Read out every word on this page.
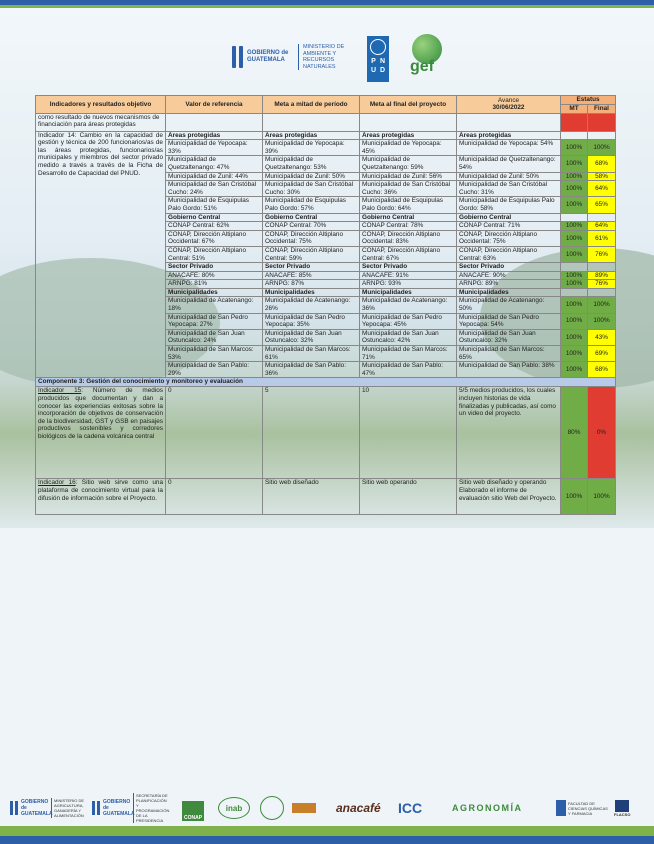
GOBIERNO de GUATEMALA
MINISTERIO DE AMBIENTE Y RECURSOS NATURALES
P N
U D gef
Indicadores y resultados objetivo	Valor de referencia	Meta a mitad de período	Meta al final del proyecto	Avance
30/06/2022	Estatus	
					MT	Final
como resultado de nuevos mecanismos de financiación para áreas protegidas						
Indicador 14: Cambio en la capacidad de gestión y técnica de 200 funcionarios/as de las áreas protegidas, funcionarios/as municipales y miembros del sector privado medido a través a través de la Ficha de Desarrollo de Capacidad del PNUD.	Áreas protegidas	Áreas protegidas	Áreas protegidas	Áreas protegidas		
	Municipalidad de Yepocapa: 33%	Municipalidad de Yepocapa: 39%	Municipalidad de Yepocapa: 45%	Municipalidad de Yepocapa: 54%	100%	100%
	Municipalidad de Quetzaltenango: 47%	Municipalidad de Quetzaltenango: 53%	Municipalidad de Quetzaltenango: 59%	Municipalidad de Quetzaltenango: 54%	100%	68%
	Municipalidad de Zunil: 44%	Municipalidad de Zunil: 50%	Municipalidad de Zunil: 56%	Municipalidad de Zunil: 50%	100%	58%
	Municipalidad de San Cristóbal Cucho: 24%	Municipalidad de San Cristóbal Cucho: 30%	Municipalidad de San Cristóbal Cucho: 36%	Municipalidad de San Cristóbal Cucho: 31%	100%	64%
	Municipalidad de Esquipulas Palo Gordo: 51%	Municipalidad de Esquipulas Palo Gordo: 57%	Municipalidad de Esquipulas Palo Gordo: 64%	Municipalidad de Esquipulas Palo Gordo: 58%	100%	65%
	Gobierno Central	Gobierno Central	Gobierno Central	Gobierno Central		
	CONAP Central: 62%	CONAP Central: 70%	CONAP Central: 78%	CONAP Central: 71%	100%	64%
	CONAP, Dirección Altiplano Occidental: 67%	CONAP, Dirección Altiplano Occidental: 75%	CONAP, Dirección Altiplano Occidental: 83%	CONAP, Dirección Altiplano Occidental: 75%	100%	61%
	CONAP, Dirección Altiplano Central: 51%	CONAP, Dirección Altiplano Central: 59%	CONAP, Dirección Altiplano Central: 67%	CONAP, Dirección Altiplano Central: 63%	100%	76%
	Sector Privado	Sector Privado	Sector Privado	Sector Privado		
	ANACAFE: 80%	ANACAFE: 85%	ANACAFE: 91%	ANACAFE: 90%	100%	89%
	ARNPG: 81%	ARNPG: 87%	ARNPG: 93%	ARNPG: 89%	100%	76%
	Municipalidades	Municipalidades	Municipalidades	Municipalidades		
	Municipalidad de Acatenango: 18%	Municipalidad de Acatenango: 26%	Municipalidad de Acatenango: 36%	Municipalidad de Acatenango: 50%	100%	100%
	Municipalidad de San Pedro Yepocapa: 27%	Municipalidad de San Pedro Yepocapa: 35%	Municipalidad de San Pedro Yepocapa: 45%	Municipalidad de San Pedro Yepocapa: 54%	100%	100%
	Municipalidad de San Juan Ostuncalco: 24%	Municipalidad de San Juan Ostuncalco: 32%	Municipalidad de San Juan Ostuncalco: 42%	Municipalidad de San Juan Ostuncalco: 32%	100%	43%
	Municipalidad de San Marcos: 53%	Municipalidad de San Marcos: 61%	Municipalidad de San Marcos: 71%	Municipalidad de San Marcos: 65%	100%	69%
	Municipalidad de San Pablo: 29%	Municipalidad de San Pablo: 36%	Municipalidad de San Pablo: 47%	Municipalidad de San Pablo: 38%	100%	68%
Componente 3: Gestión del conocimiento y monitoreo y evaluación						
Indicador 15: Número de medios producidos que documentan y dan a conocer las experiencias exitosas sobre la incorporación de objetivos de conservación de la biodiversidad, GST y GSB en paisajes productivos sostenibles y corredores biológicos de la cadena volcánica central	0	5	10	5/5 medios producidos, los cuales incluyen historias de vida finalizadas y publicadas, así como un video del proyecto.	80%	0%
Indicador 16: Sitio web sirve como una plataforma de conocimiento virtual para la difusión de información sobre el Proyecto.	0	Sitio web diseñado	Sitio web operando	Sitio web diseñado y operando Elaborado el informe de evaluación sitio Web del Proyecto.	100%	100%
GOBIERNO de GUATEMALA
MINISTERIO DE AGRICULTURA, GANADERÍA Y ALIMENTACIÓN
GOBIERNO de GUATEMALA
SECRETARÍA DE PLANIFICACIÓN Y PROGRAMACIÓN DE LA PRESIDENCIA	CONAP
inab	anacafé ICC	AGRONOMÍA	FACULTAD DE CIENCIAS QUÍMICAS Y FARMACIA	FLACSO
